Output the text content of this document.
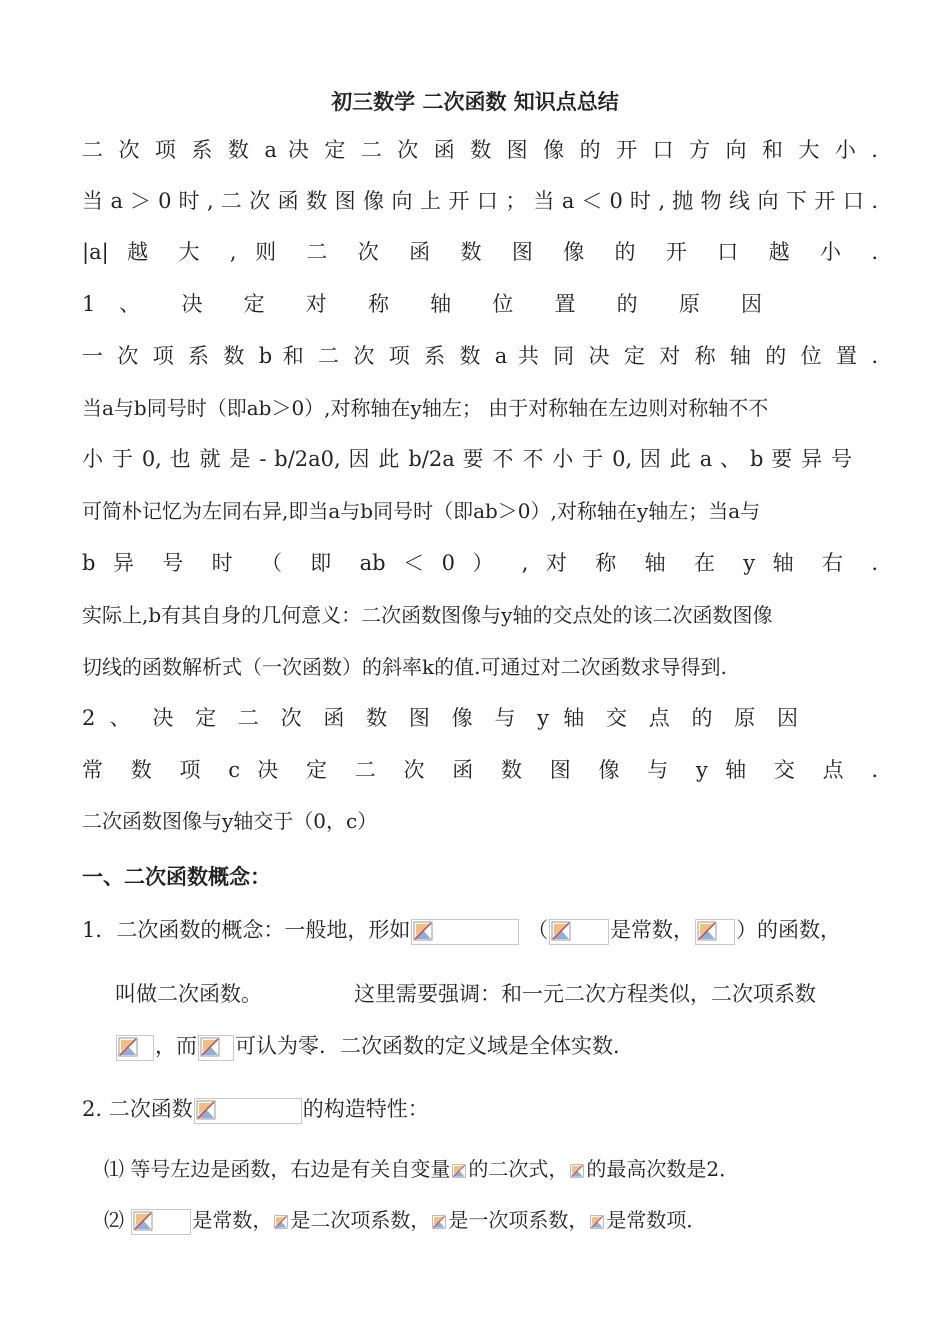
初三数学 二次函数 知识点总结
二 次 项 系 数 a 决 定 二 次 函 数 图 像 的 开 口 方 向 和 大 小 .
当 a ＞ 0 时 , 二 次 函 数 图 像 向 上 开 口 ； 当 a ＜ 0 时 , 抛 物 线 向 下 开 口 .
|a| 越 大 , 则 二 次 函 数 图 像 的 开 口 越 小 .
1 、 决 定 对 称 轴 位 置 的 原 因
一 次 项 系 数 b 和 二 次 项 系 数 a 共 同 决 定 对 称 轴 的 位 置 .
当a与b同号时（即ab＞0）,对称轴在y轴左； 由于对称轴在左边则对称轴不不
小 于 0, 也 就 是 - b/2a0, 因 此 b/2a 要 不 不 小 于 0, 因 此 a 、 b 要 异 号
可简朴记忆为左同右异,即当a与b同号时（即ab＞0）,对称轴在y轴左；当a与
b 异 号 时 （ 即 ab ＜ 0 ） , 对 称 轴 在 y 轴 右 .
实际上,b有其自身的几何意义：二次函数图像与y轴的交点处的该二次函数图像
切线的函数解析式（一次函数）的斜率k的值.可通过对二次函数求导得到.
2 、 决 定 二 次 函 数 图 像 与 y 轴 交 点 的 原 因
常 数 项 c 决 定 二 次 函 数 图 像 与 y 轴 交 点 .
二次函数图像与y轴交于（0，c）
一、二次函数概念：
1．二次函数的概念：一般地，形如	（	是常数， ）的函数，
叫做二次函数。	这里需要强调：和一元二次方程类似，二次项系数
，而 可认为零．二次函数的定义域是全体实数．
2. 二次函数	的构造特性：
⑴ 等号左边是函数，右边是有关自变量 的二次式， 的最高次数是2．
⑵	是常数， 是二次项系数， 是一次项系数， 是常数项．
